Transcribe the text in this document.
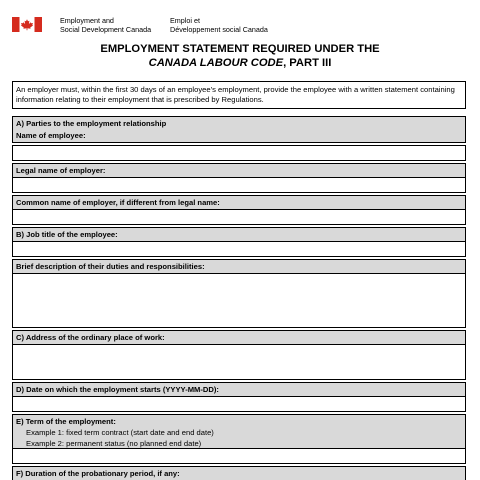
Employment and
Social Development Canada
Emploi et
Développement social Canada
EMPLOYMENT STATEMENT REQUIRED UNDER THE
CANADA LABOUR CODE, PART III
An employer must, within the first 30 days of an employee’s employment, provide the employee with a written statement containing information relating to their employment that is prescribed by Regulations.
A) Parties to the employment relationship
Name of employee:
Legal name of employer:
Common name of employer, if different from legal name:
B) Job title of the employee:
Brief description of their duties and responsibilities:
C) Address of the ordinary place of work:
D) Date on which the employment starts (YYYY-MM-DD):
E) Term of the employment:
Example 1: fixed term contract (start date and end date)
Example 2: permanent status (no planned end date)
F) Duration of the probationary period, if any:
